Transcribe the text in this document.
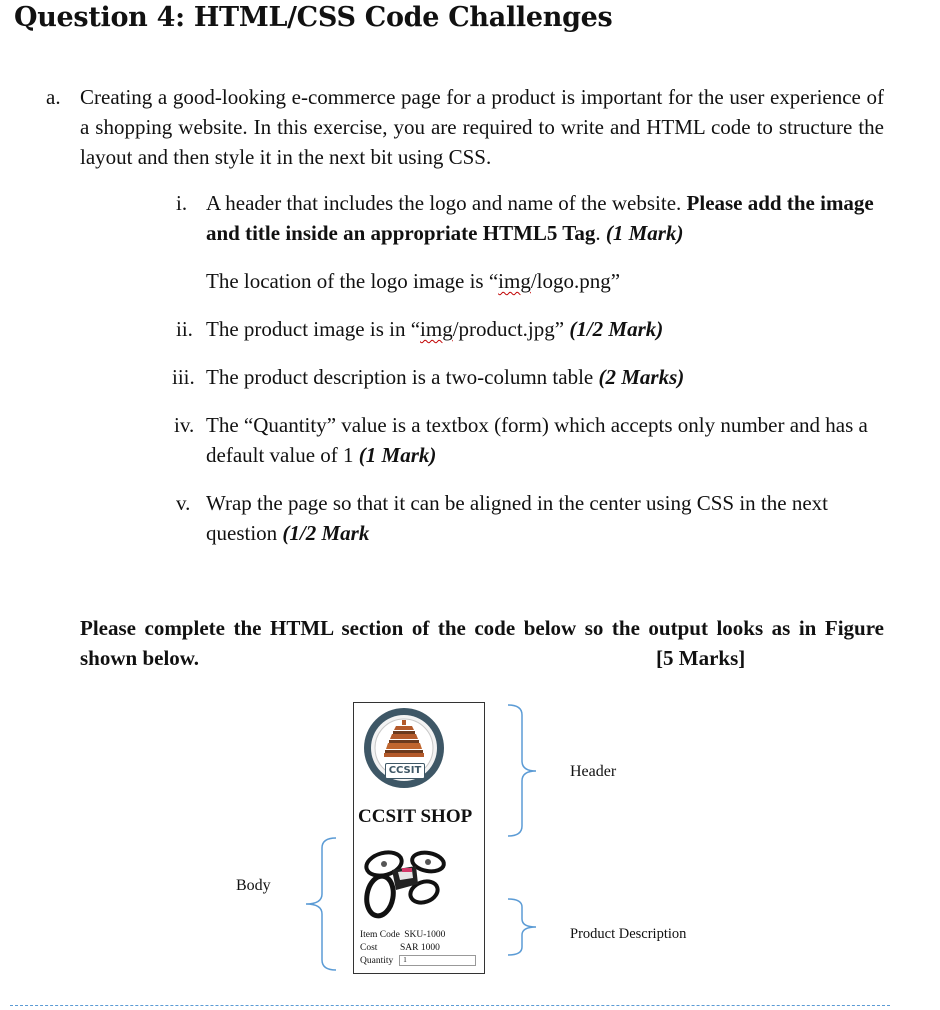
Question 4: HTML/CSS Code Challenges
a. Creating a good-looking e-commerce page for a product is important for the user experience of a shopping website. In this exercise, you are required to write and HTML code to structure the layout and then style it in the next bit using CSS.
i. A header that includes the logo and name of the website. Please add the image and title inside an appropriate HTML5 Tag. (1 Mark)
The location of the logo image is “img/logo.png”
ii. The product image is in “img/product.jpg” (1/2 Mark)
iii. The product description is a two-column table (2 Marks)
iv. The “Quantity” value is a textbox (form) which accepts only number and has a default value of 1 (1 Mark)
v. Wrap the page so that it can be aligned in the center using CSS in the next question (1/2 Mark
Please complete the HTML section of the code below so the output looks as in Figure shown below.	[5 Marks]
CCSIT
CCSIT SHOP
Item Code SKU-1000
Cost SAR 1000
Quantity 1
Header
Product Description
Body
